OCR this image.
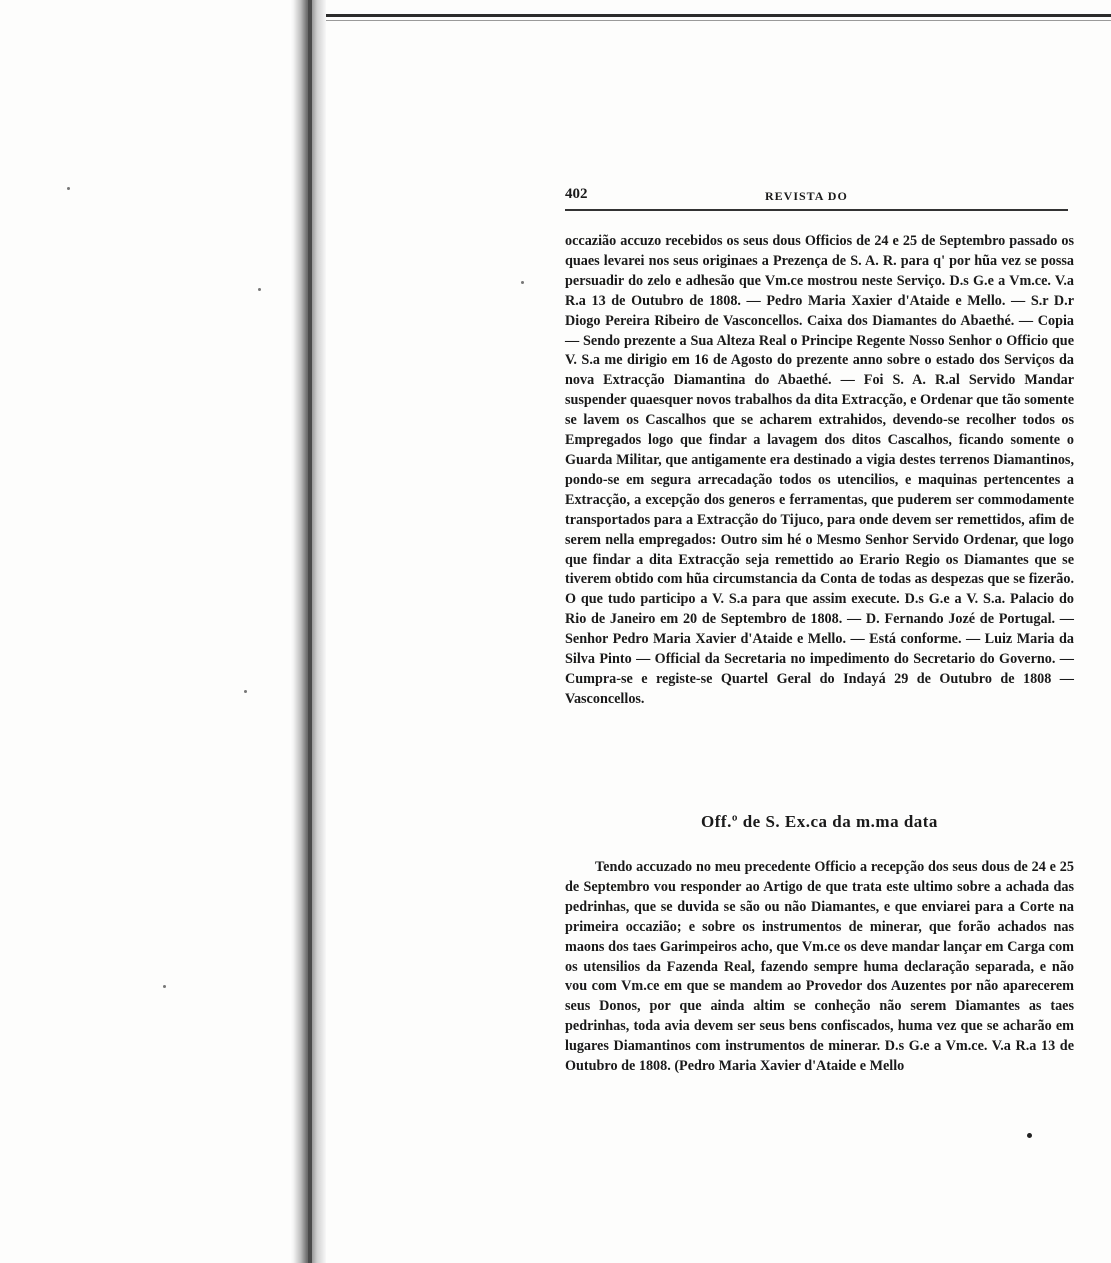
402	REVISTA DO
occazião accuzo recebidos os seus dous Officios de 24 e 25 de Septembro passado os quaes levarei nos seus originaes a Prezença de S. A. R. para q' por hũa vez se possa persuadir do zelo e adhesão que Vm.ce mostrou neste Serviço. D.s G.e a Vm.ce. V.a R.a 13 de Outubro de 1808. — Pedro Maria Xaxier d'Ataide e Mello. — S.r D.r Diogo Pereira Ribeiro de Vasconcellos. Caixa dos Diamantes do Abaethé. — Copia — Sendo prezente a Sua Alteza Real o Principe Regente Nosso Senhor o Officio que V. S.a me dirigio em 16 de Agosto do prezente anno sobre o estado dos Serviços da nova Extracção Diamantina do Abaethé. — Foi S. A. R.al Servido Mandar suspender quaesquer novos trabalhos da dita Extracção, e Ordenar que tão somente se lavem os Cascalhos que se acharem extrahidos, devendo-se recolher todos os Empregados logo que findar a lavagem dos ditos Cascalhos, ficando somente o Guarda Militar, que antigamente era destinado a vigia destes terrenos Diamantinos, pondo-se em segura arrecadação todos os utencilios, e maquinas pertencentes a Extracção, a excepção dos generos e ferramentas, que puderem ser commodamente transportados para a Extracção do Tijuco, para onde devem ser remettidos, afim de serem nella empregados: Outro sim hé o Mesmo Senhor Servido Ordenar, que logo que findar a dita Extracção seja remettido ao Erario Regio os Diamantes que se tiverem obtido com hũa circumstancia da Conta de todas as despezas que se fizerão. O que tudo participo a V. S.a para que assim execute. D.s G.e a V. S.a. Palacio do Rio de Janeiro em 20 de Septembro de 1808. — D. Fernando Jozé de Portugal. — Senhor Pedro Maria Xavier d'Ataide e Mello. — Está conforme. — Luiz Maria da Silva Pinto — Official da Secretaria no impedimento do Secretario do Governo. — Cumpra-se e registe-se Quartel Geral do Indayá 29 de Outubro de 1808 — Vasconcellos.
Off.º de S. Ex.ca da m.ma data
Tendo accuzado no meu precedente Officio a recepção dos seus dous de 24 e 25 de Septembro vou responder ao Artigo de que trata este ultimo sobre a achada das pedrinhas, que se duvida se são ou não Diamantes, e que enviarei para a Corte na primeira occazião; e sobre os instrumentos de minerar, que forão achados nas maons dos taes Garimpeiros acho, que Vm.ce os deve mandar lançar em Carga com os utensilios da Fazenda Real, fazendo sempre huma declaração separada, e não vou com Vm.ce em que se mandem ao Provedor dos Auzentes por não aparecerem seus Donos, por que ainda altim se conheção não serem Diamantes as taes pedrinhas, toda avia devem ser seus bens confiscados, huma vez que se acharão em lugares Diamantinos com instrumentos de minerar. D.s G.e a Vm.ce. V.a R.a 13 de Outubro de 1808. (Pedro Maria Xavier d'Ataide e Mello
